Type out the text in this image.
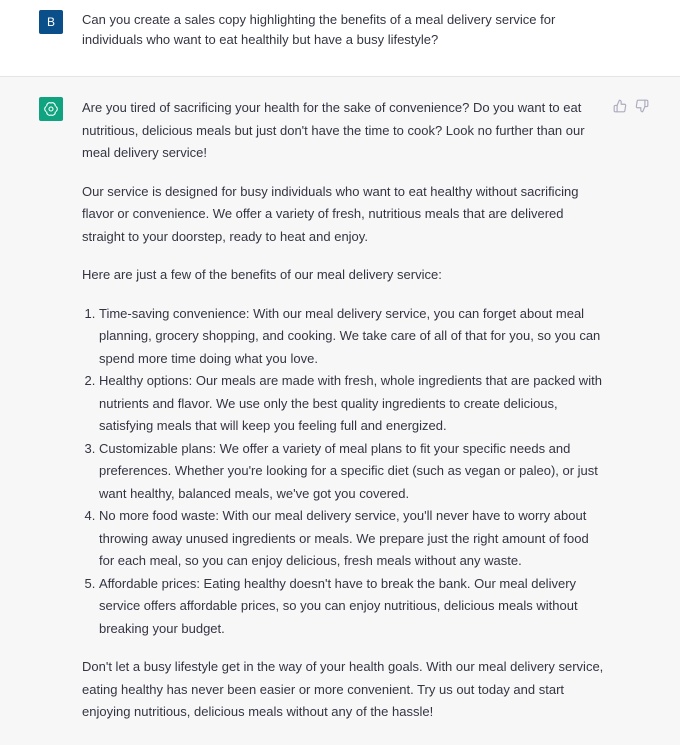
B	Can you create a sales copy highlighting the benefits of a meal delivery service for individuals who want to eat healthily but have a busy lifestyle?

Are you tired of sacrificing your health for the sake of convenience? Do you want to eat nutritious, delicious meals but just don't have the time to cook? Look no further than our meal delivery service!

Our service is designed for busy individuals who want to eat healthy without sacrificing flavor or convenience. We offer a variety of fresh, nutritious meals that are delivered straight to your doorstep, ready to heat and enjoy.

Here are just a few of the benefits of our meal delivery service:

1. Time-saving convenience: With our meal delivery service, you can forget about meal planning, grocery shopping, and cooking. We take care of all of that for you, so you can spend more time doing what you love.
2. Healthy options: Our meals are made with fresh, whole ingredients that are packed with nutrients and flavor. We use only the best quality ingredients to create delicious, satisfying meals that will keep you feeling full and energized.
3. Customizable plans: We offer a variety of meal plans to fit your specific needs and preferences. Whether you're looking for a specific diet (such as vegan or paleo), or just want healthy, balanced meals, we've got you covered.
4. No more food waste: With our meal delivery service, you'll never have to worry about throwing away unused ingredients or meals. We prepare just the right amount of food for each meal, so you can enjoy delicious, fresh meals without any waste.
5. Affordable prices: Eating healthy doesn't have to break the bank. Our meal delivery service offers affordable prices, so you can enjoy nutritious, delicious meals without breaking your budget.

Don't let a busy lifestyle get in the way of your health goals. With our meal delivery service, eating healthy has never been easier or more convenient. Try us out today and start enjoying nutritious, delicious meals without any of the hassle!
